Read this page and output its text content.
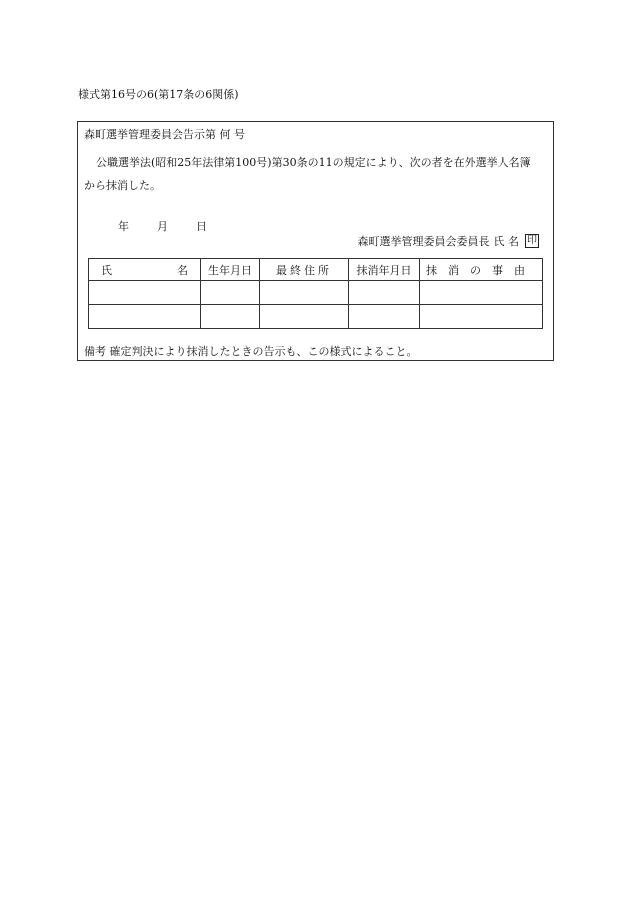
様式第16号の6(第17条の6関係)
森町選挙管理委員会告示第 何 号
公職選挙法(昭和25年法律第100号)第30条の11の規定により、次の者を在外選挙人名簿
から抹消した。
年	月	日
森町選挙管理委員会委員長 氏 名 印
氏 名	生年月日	最終住所	抹消年月日	抹消の事由

備考 確定判決により抹消したときの告示も、この様式によること。
